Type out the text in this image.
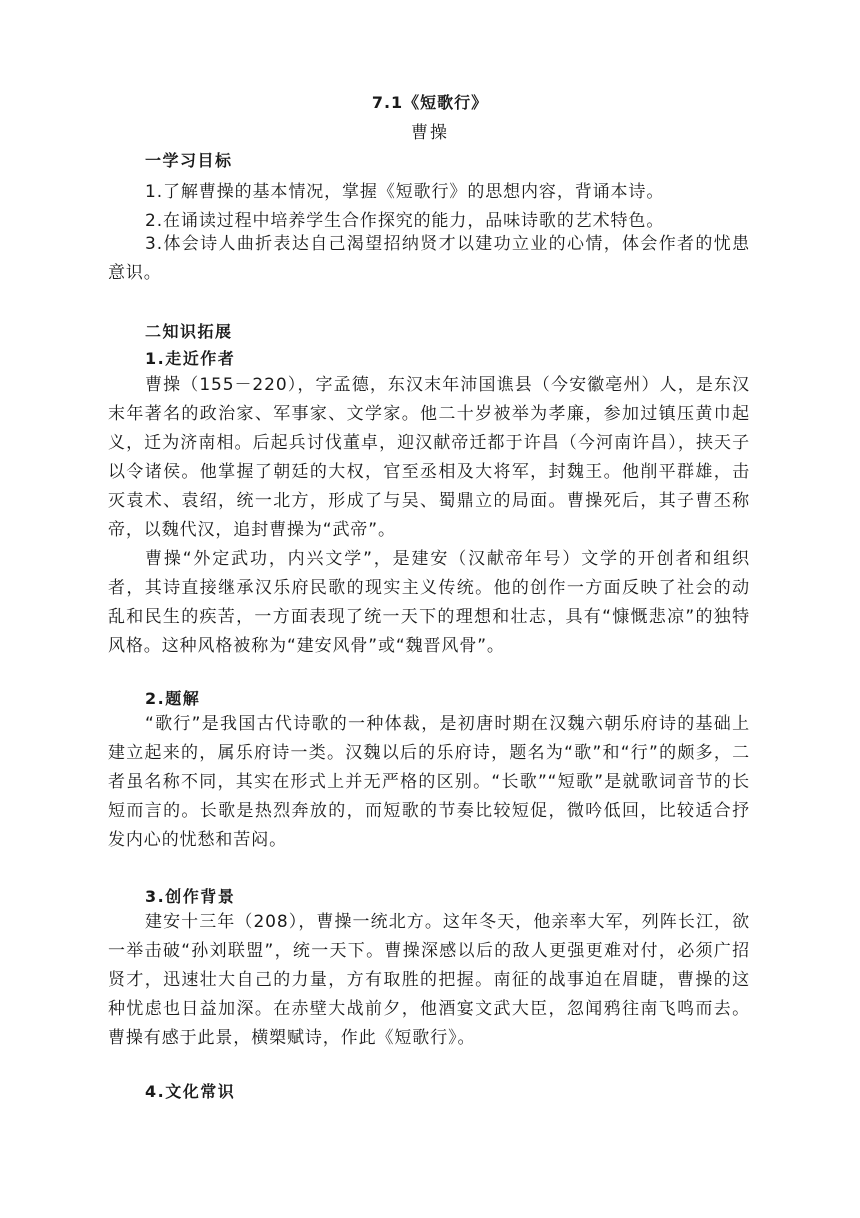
7.1《短歌行》
曹操
一学习目标
1.了解曹操的基本情况，掌握《短歌行》的思想内容，背诵本诗。
2.在诵读过程中培养学生合作探究的能力，品味诗歌的艺术特色。
3.体会诗人曲折表达自己渴望招纳贤才以建功立业的心情，体会作者的忧患意识。
二知识拓展
1.走近作者
曹操（155－220），字孟德，东汉末年沛国谯县（今安徽亳州）人，是东汉末年著名的政治家、军事家、文学家。他二十岁被举为孝廉，参加过镇压黄巾起义，迁为济南相。后起兵讨伐董卓，迎汉献帝迁都于许昌（今河南许昌），挟天子以令诸侯。他掌握了朝廷的大权，官至丞相及大将军，封魏王。他削平群雄，击灭袁术、袁绍，统一北方，形成了与吴、蜀鼎立的局面。曹操死后，其子曹丕称帝，以魏代汉，追封曹操为“武帝”。
曹操“外定武功，内兴文学”，是建安（汉献帝年号）文学的开创者和组织者，其诗直接继承汉乐府民歌的现实主义传统。他的创作一方面反映了社会的动乱和民生的疾苦，一方面表现了统一天下的理想和壮志，具有“慷慨悲凉”的独特风格。这种风格被称为“建安风骨”或“魏晋风骨”。
2.题解
“歌行”是我国古代诗歌的一种体裁，是初唐时期在汉魏六朝乐府诗的基础上建立起来的，属乐府诗一类。汉魏以后的乐府诗，题名为“歌”和“行”的颇多，二者虽名称不同，其实在形式上并无严格的区别。“长歌”“短歌”是就歌词音节的长短而言的。长歌是热烈奔放的，而短歌的节奏比较短促，微吟低回，比较适合抒发内心的忧愁和苦闷。
3.创作背景
建安十三年（208），曹操一统北方。这年冬天，他亲率大军，列阵长江，欲一举击破“孙刘联盟”，统一天下。曹操深感以后的敌人更强更难对付，必须广招贤才，迅速壮大自己的力量，方有取胜的把握。南征的战事迫在眉睫，曹操的这种忧虑也日益加深。在赤壁大战前夕，他酒宴文武大臣，忽闻鸦往南飞鸣而去。曹操有感于此景，横槊赋诗，作此《短歌行》。
4.文化常识
